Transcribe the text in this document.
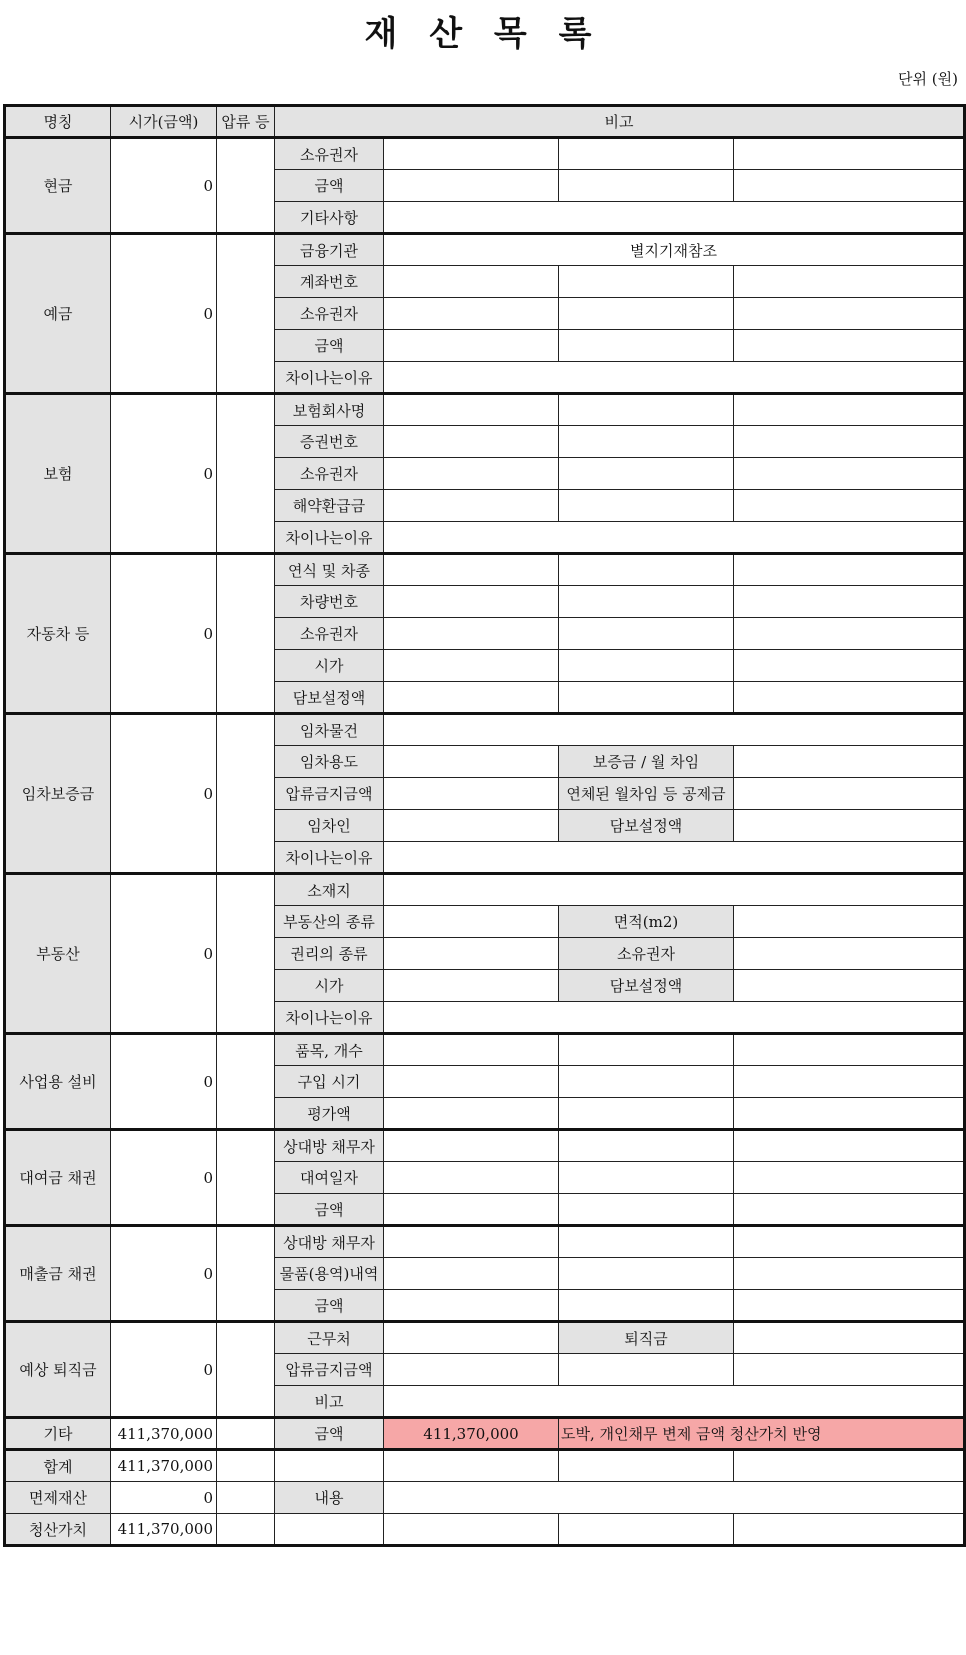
재 산 목 록
단위 (원)
명칭	시가(금액)	압류 등	비고			
현금	0		소유권자			
			금액			
			기타사항			
예금	0		금융기관	별지기재참조		
			계좌번호			
			소유권자			
			금액			
			차이나는이유			
보험	0		보험회사명			
			증권번호			
			소유권자			
			해약환급금			
			차이나는이유			
자동차 등	0		연식 및 차종			
			차량번호			
			소유권자			
			시가			
			담보설정액			
임차보증금	0		임차물건			
			임차용도		보증금 / 월 차임	
			압류금지금액		연체된 월차임 등 공제금	
			임차인		담보설정액	
			차이나는이유			
부동산	0		소재지			
			부동산의 종류		면적(m2)	
			권리의 종류		소유권자	
			시가		담보설정액	
			차이나는이유			
사업용 설비	0		품목, 개수			
			구입 시기			
			평가액			
대여금 채권	0		상대방 채무자			
			대여일자			
			금액			
매출금 채권	0		상대방 채무자			
			물품(용역)내역			
			금액			
예상 퇴직금	0		근무처		퇴직금	
			압류금지금액			
			비고			
기타	411,370,000		금액	411,370,000	도박, 개인채무 변제 금액 청산가치 반영	
합계	411,370,000					
면제재산	0		내용			
청산가치	411,370,000					
